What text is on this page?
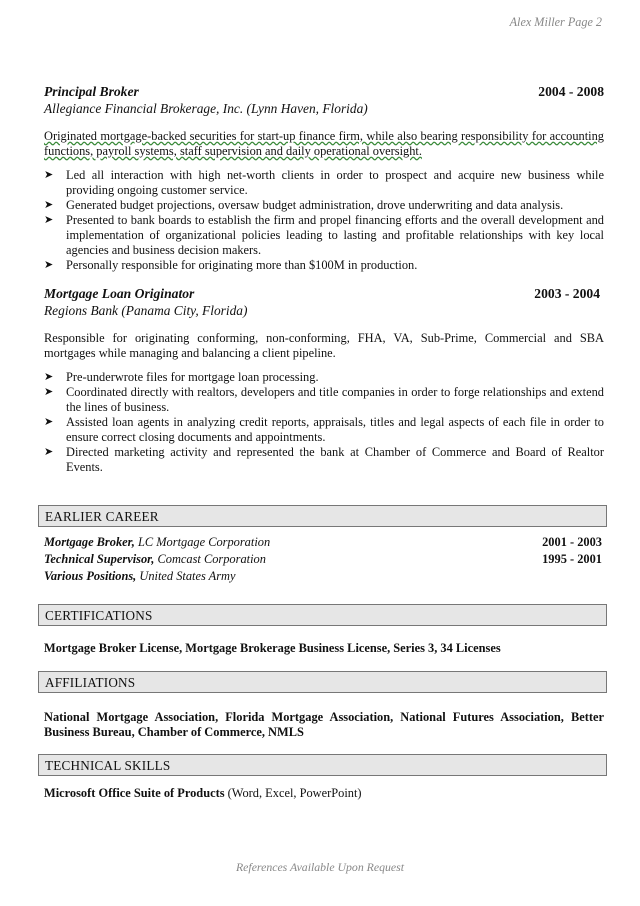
Alex Miller Page 2
Principal Broker	2004 - 2008
Allegiance Financial Brokerage, Inc. (Lynn Haven, Florida)
Originated mortgage-backed securities for start-up finance firm, while also bearing responsibility for accounting functions, payroll systems, staff supervision and daily operational oversight.
➤ Led all interaction with high net-worth clients in order to prospect and acquire new business while providing ongoing customer service.
➤ Generated budget projections, oversaw budget administration, drove underwriting and data analysis.
➤ Presented to bank boards to establish the firm and propel financing efforts and the overall development and implementation of organizational policies leading to lasting and profitable relationships with key local agencies and business decision makers.
➤ Personally responsible for originating more than $100M in production.
Mortgage Loan Originator	2003 - 2004
Regions Bank (Panama City, Florida)
Responsible for originating conforming, non-conforming, FHA, VA, Sub-Prime, Commercial and SBA mortgages while managing and balancing a client pipeline.
➤ Pre-underwrote files for mortgage loan processing.
➤ Coordinated directly with realtors, developers and title companies in order to forge relationships and extend the lines of business.
➤ Assisted loan agents in analyzing credit reports, appraisals, titles and legal aspects of each file in order to ensure correct closing documents and appointments.
➤ Directed marketing activity and represented the bank at Chamber of Commerce and Board of Realtor Events.
EARLIER CAREER
Mortgage Broker, LC Mortgage Corporation	2001 - 2003
Technical Supervisor, Comcast Corporation	1995 - 2001
Various Positions, United States Army
CERTIFICATIONS
Mortgage Broker License, Mortgage Brokerage Business License, Series 3, 34 Licenses
AFFILIATIONS
National Mortgage Association, Florida Mortgage Association, National Futures Association, Better Business Bureau, Chamber of Commerce, NMLS
TECHNICAL SKILLS
Microsoft Office Suite of Products (Word, Excel, PowerPoint)
References Available Upon Request
